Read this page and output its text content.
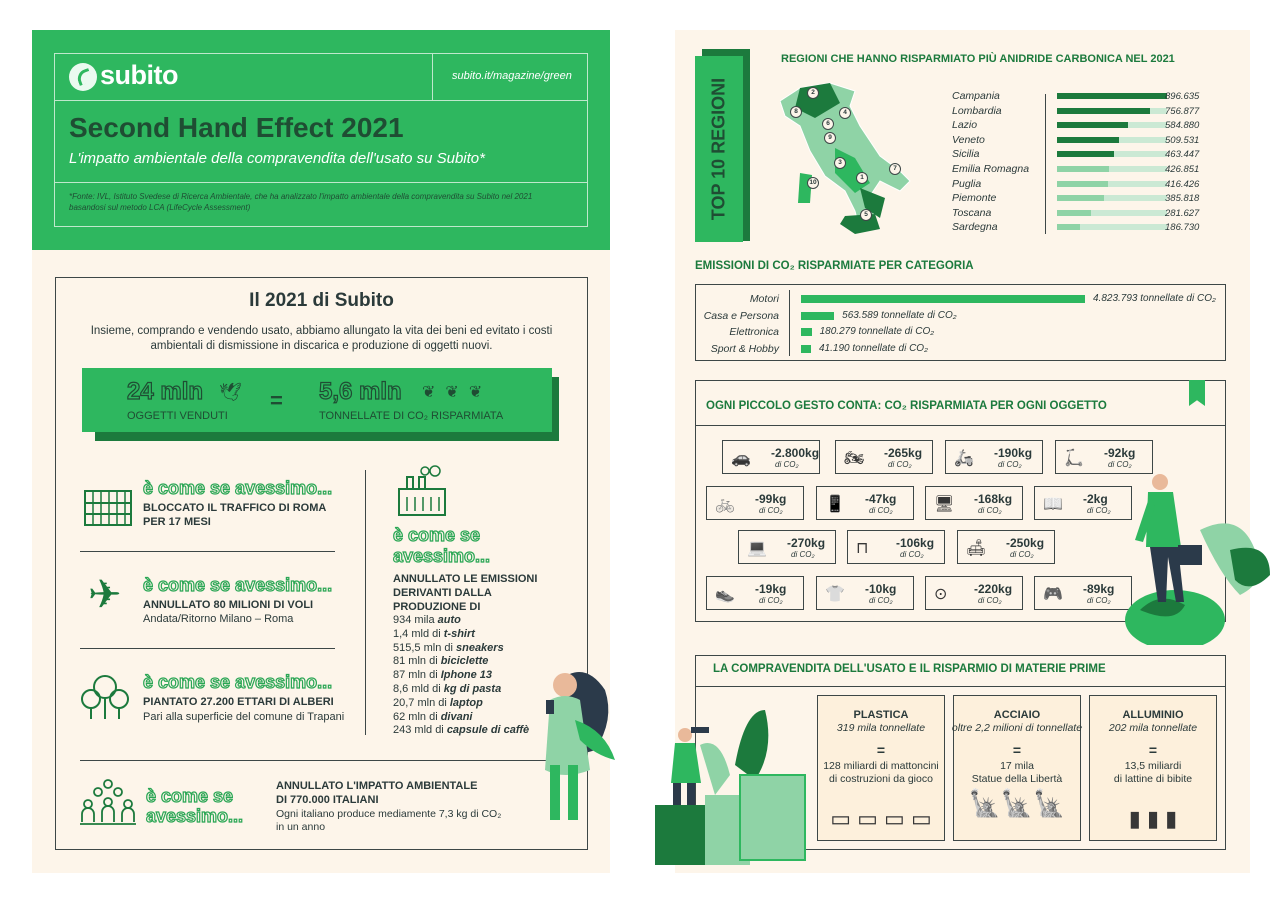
subito	subito.it/magazine/green
Second Hand Effect 2021
L'impatto ambientale della compravendita dell'usato su Subito*
*Fonte: IVL, Istituto Svedese di Ricerca Ambientale, che ha analizzato l'impatto ambientale della compravendita su Subito nel 2021
basandosi sul metodo LCA (LifeCycle Assessment)
Il 2021 di Subito
Insieme, comprando e vendendo usato, abbiamo allungato la vita dei beni ed evitato i costi
ambientali di dismissione in discarica e produzione di oggetti nuovi.
24 mln 🕊
OGGETTI VENDUTI
= 5,6 mln ❦❦❦
TONNELLATE DI CO₂ RISPARMIATA
è come se avessimo...
BLOCCATO IL TRAFFICO DI ROMA
PER 17 MESI
✈ è come se avessimo...
ANNULLATO 80 MILIONI DI VOLI
Andata/Ritorno Milano – Roma
è come se avessimo...
PIANTATO 27.200 ETTARI DI ALBERI
Pari alla superficie del comune di Trapani
è come se
avessimo...
ANNULLATO LE EMISSIONI
DERIVANTI DALLA
PRODUZIONE DI
934 mila auto
1,4 mld di t-shirt
515,5 mln di sneakers
81 mln di biciclette
87 mln di Iphone 13
8,6 mld di kg di pasta
20,7 mln di laptop
62 mln di divani
243 mld di capsule di caffè
è come se
avessimo...
ANNULLATO L'IMPATTO AMBIENTALE
DI 770.000 ITALIANI
Ogni italiano produce mediamente 7,3 kg di CO₂
in un anno
TOP 10 REGIONI
REGIONI CHE HANNO RISPARMIATO PIÙ ANIDRIDE CARBONICA NEL 2021
1
2
3
4
5
6
7
8
9
10
Campania	896.635
Lombardia	756.877
Lazio	584.880
Veneto	509.531
Sicilia	463.447
Emilia Romagna	426.851
Puglia	416.426
Piemonte	385.818
Toscana	281.627
Sardegna	186.730
EMISSIONI DI CO₂ RISPARMIATE PER CATEGORIA
Motori	4.823.793 tonnellate di CO₂
Casa e Persona	563.589 tonnellate di CO₂
Elettronica	180.279 tonnellate di CO₂
Sport & Hobby	41.190 tonnellate di CO₂
OGNI PICCOLO GESTO CONTA: CO₂ RISPARMIATA PER OGNI OGGETTO
🚗	-2.800kg
di CO₂	🏍	-265kg
di CO₂	🛵	-190kg
di CO₂	🛴	-92kg
di CO₂
🚲	-99kg
di CO₂	📱	-47kg
di CO₂	🖥	-168kg
di CO₂	📖	-2kg
di CO₂
💻	-270kg
di CO₂	⊓	-106kg
di CO₂	🛋	-250kg
di CO₂
👟	-19kg
di CO₂	👕	-10kg
di CO₂	⊙	-220kg
di CO₂	🎮	-89kg
di CO₂
LA COMPRAVENDITA DELL'USATO E IL RISPARMIO DI MATERIE PRIME
PLASTICA
319 mila tonnellate
=
128 miliardi di mattoncini
di costruzioni da gioco
ACCIAIO
oltre 2,2 milioni di tonnellate
=
17 mila
Statue della Libertà
ALLUMINIO
202 mila tonnellate
=
13,5 miliardi
di lattine di bibite
▭ ▭ ▭ ▭
🗽🗽🗽
▮ ▮ ▮
